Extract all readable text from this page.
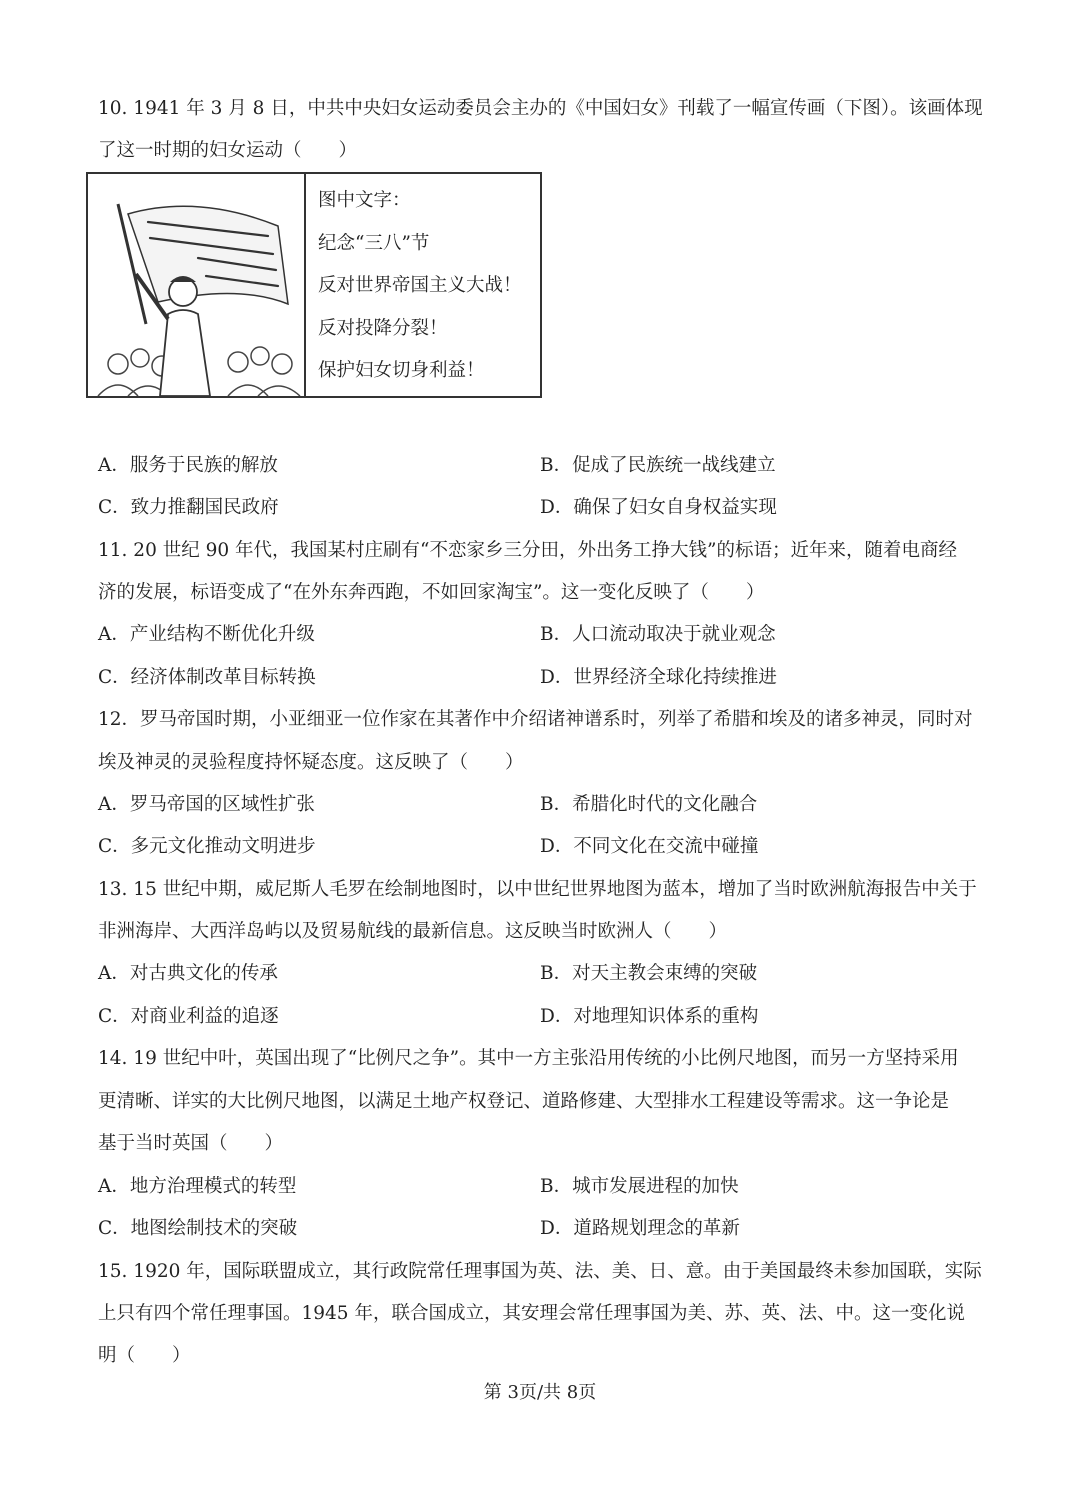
10. 1941 年 3 月 8 日，中共中央妇女运动委员会主办的《中国妇女》刊载了一幅宣传画（下图）。该画体现
了这一时期的妇女运动（　　）
图中文字：
纪念“三八”节
反对世界帝国主义大战！
反对投降分裂！
保护妇女切身利益！
A．服务于民族的解放	B．促成了民族统一战线建立
C．致力推翻国民政府	D．确保了妇女自身权益实现
11. 20 世纪 90 年代，我国某村庄刷有“不恋家乡三分田，外出务工挣大钱”的标语；近年来，随着电商经
济的发展，标语变成了“在外东奔西跑，不如回家淘宝”。这一变化反映了（　　）
A．产业结构不断优化升级	B．人口流动取决于就业观念
C．经济体制改革目标转换	D．世界经济全球化持续推进
12．罗马帝国时期，小亚细亚一位作家在其著作中介绍诸神谱系时，列举了希腊和埃及的诸多神灵，同时对
埃及神灵的灵验程度持怀疑态度。这反映了（　　）
A．罗马帝国的区域性扩张	B．希腊化时代的文化融合
C．多元文化推动文明进步	D．不同文化在交流中碰撞
13. 15 世纪中期，威尼斯人毛罗在绘制地图时，以中世纪世界地图为蓝本，增加了当时欧洲航海报告中关于
非洲海岸、大西洋岛屿以及贸易航线的最新信息。这反映当时欧洲人（　　）
A．对古典文化的传承	B．对天主教会束缚的突破
C．对商业利益的追逐	D．对地理知识体系的重构
14. 19 世纪中叶，英国出现了“比例尺之争”。其中一方主张沿用传统的小比例尺地图，而另一方坚持采用
更清晰、详实的大比例尺地图，以满足土地产权登记、道路修建、大型排水工程建设等需求。这一争论是
基于当时英国（　　）
A．地方治理模式的转型	B．城市发展进程的加快
C．地图绘制技术的突破	D．道路规划理念的革新
15. 1920 年，国际联盟成立，其行政院常任理事国为英、法、美、日、意。由于美国最终未参加国联，实际
上只有四个常任理事国。1945 年，联合国成立，其安理会常任理事国为美、苏、英、法、中。这一变化说
明（　　）
第 3页/共 8页
